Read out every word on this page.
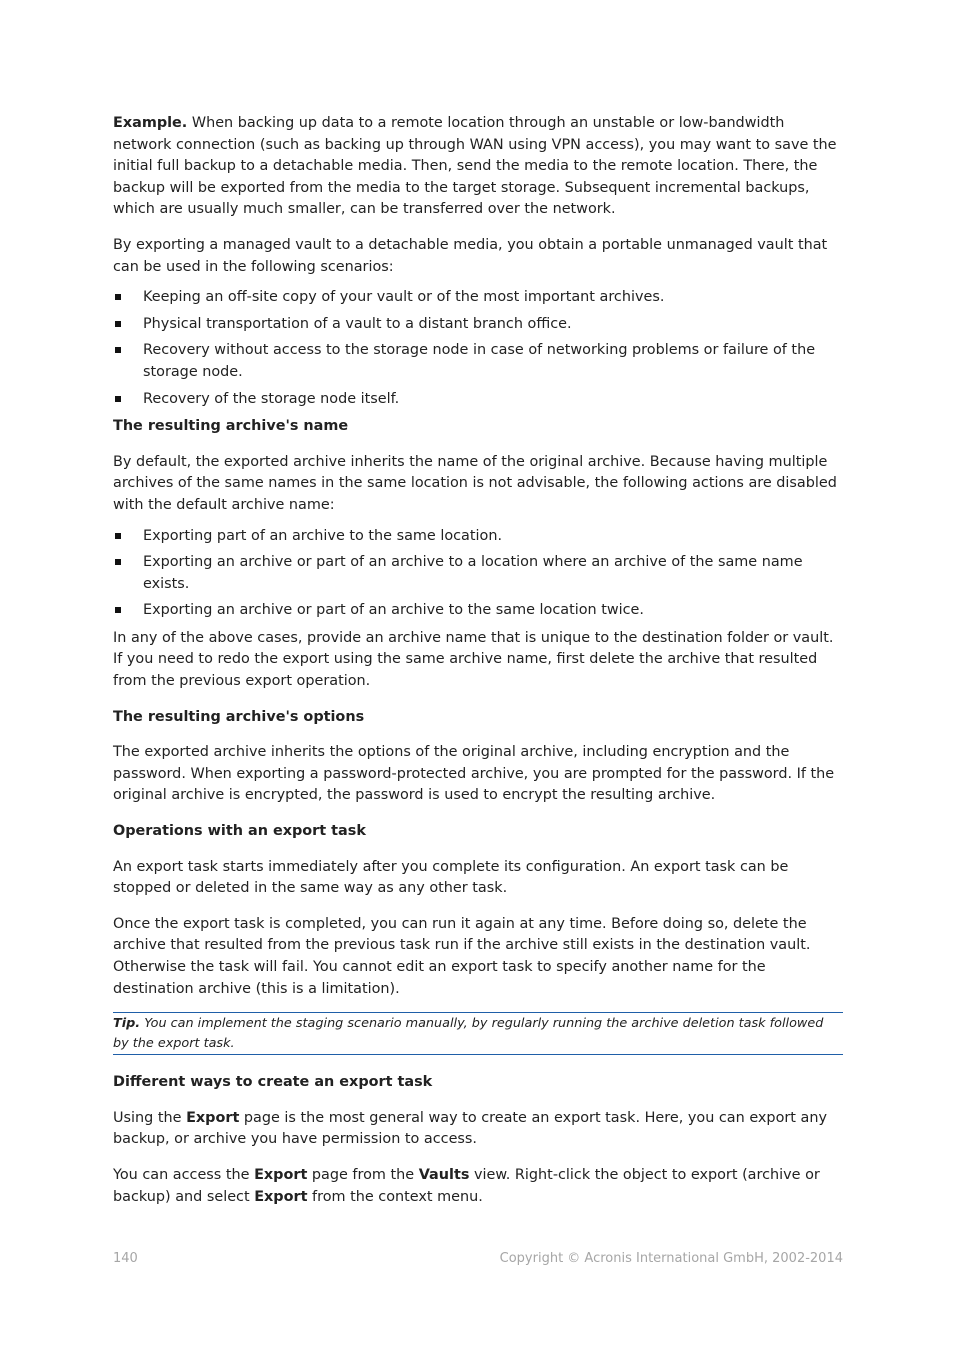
Example. When backing up data to a remote location through an unstable or low-bandwidth network connection (such as backing up through WAN using VPN access), you may want to save the initial full backup to a detachable media. Then, send the media to the remote location. There, the backup will be exported from the media to the target storage. Subsequent incremental backups, which are usually much smaller, can be transferred over the network.

By exporting a managed vault to a detachable media, you obtain a portable unmanaged vault that can be used in the following scenarios:

Keeping an off-site copy of your vault or of the most important archives.
Physical transportation of a vault to a distant branch office.
Recovery without access to the storage node in case of networking problems or failure of the storage node.
Recovery of the storage node itself.
The resulting archive's name

By default, the exported archive inherits the name of the original archive. Because having multiple archives of the same names in the same location is not advisable, the following actions are disabled with the default archive name:

Exporting part of an archive to the same location.
Exporting an archive or part of an archive to a location where an archive of the same name exists.
Exporting an archive or part of an archive to the same location twice.

In any of the above cases, provide an archive name that is unique to the destination folder or vault. If you need to redo the export using the same archive name, first delete the archive that resulted from the previous export operation.

The resulting archive's options

The exported archive inherits the options of the original archive, including encryption and the password. When exporting a password-protected archive, you are prompted for the password. If the original archive is encrypted, the password is used to encrypt the resulting archive.

Operations with an export task

An export task starts immediately after you complete its configuration. An export task can be stopped or deleted in the same way as any other task.

Once the export task is completed, you can run it again at any time. Before doing so, delete the archive that resulted from the previous task run if the archive still exists in the destination vault. Otherwise the task will fail. You cannot edit an export task to specify another name for the destination archive (this is a limitation).

Tip. You can implement the staging scenario manually, by regularly running the archive deletion task followed by the export task.
Different ways to create an export task

Using the Export page is the most general way to create an export task. Here, you can export any backup, or archive you have permission to access.

You can access the Export page from the Vaults view. Right-click the object to export (archive or backup) and select Export from the context menu.

140	Copyright © Acronis International GmbH, 2002-2014
